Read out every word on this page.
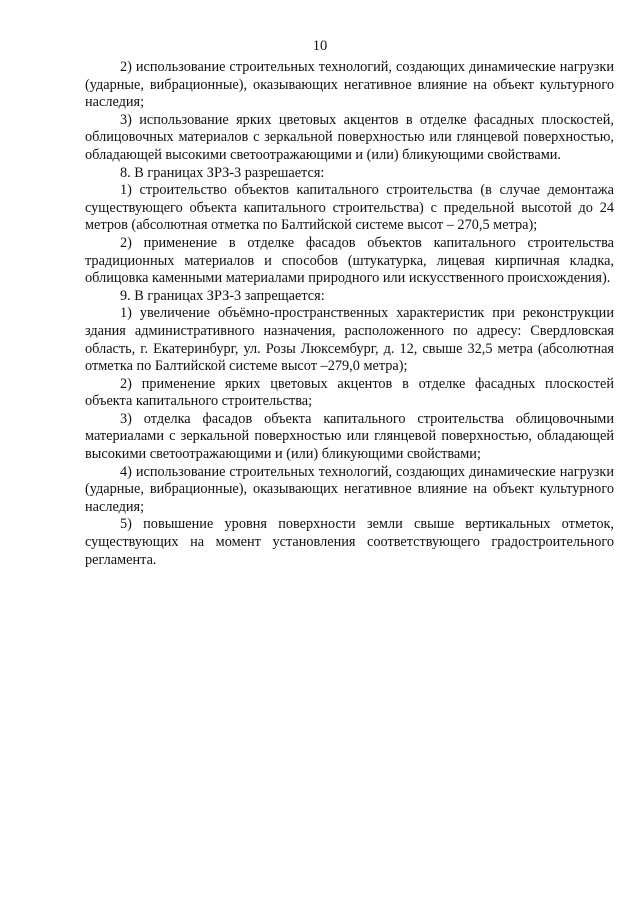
10

2) использование строительных технологий, создающих динамические нагрузки (ударные, вибрационные), оказывающих негативное влияние на объект культурного наследия;

3) использование ярких цветовых акцентов в отделке фасадных плоскостей, облицовочных материалов с зеркальной поверхностью или глянцевой поверхностью, обладающей высокими светоотражающими и (или) бликующими свойствами.

8. В границах ЗРЗ-3 разрешается:

1) строительство объектов капитального строительства (в случае демонтажа существующего объекта капитального строительства) с предельной высотой до 24 метров (абсолютная отметка по Балтийской системе высот – 270,5 метра);

2) применение в отделке фасадов объектов капитального строительства традиционных материалов и способов (штукатурка, лицевая кирпичная кладка, облицовка каменными материалами природного или искусственного происхождения).

9. В границах ЗРЗ-3 запрещается:

1) увеличение объёмно-пространственных характеристик при реконструкции здания административного назначения, расположенного по адресу: Свердловская область, г. Екатеринбург, ул. Розы Люксембург, д. 12, свыше 32,5 метра (абсолютная отметка по Балтийской системе высот –279,0 метра);

2) применение ярких цветовых акцентов в отделке фасадных плоскостей объекта капитального строительства;

3) отделка фасадов объекта капитального строительства облицовочными материалами с зеркальной поверхностью или глянцевой поверхностью, обладающей высокими светоотражающими и (или) бликующими свойствами;

4) использование строительных технологий, создающих динамические нагрузки (ударные, вибрационные), оказывающих негативное влияние на объект культурного наследия;

5) повышение уровня поверхности земли свыше вертикальных отметок, существующих на момент установления соответствующего градостроительного регламента.
